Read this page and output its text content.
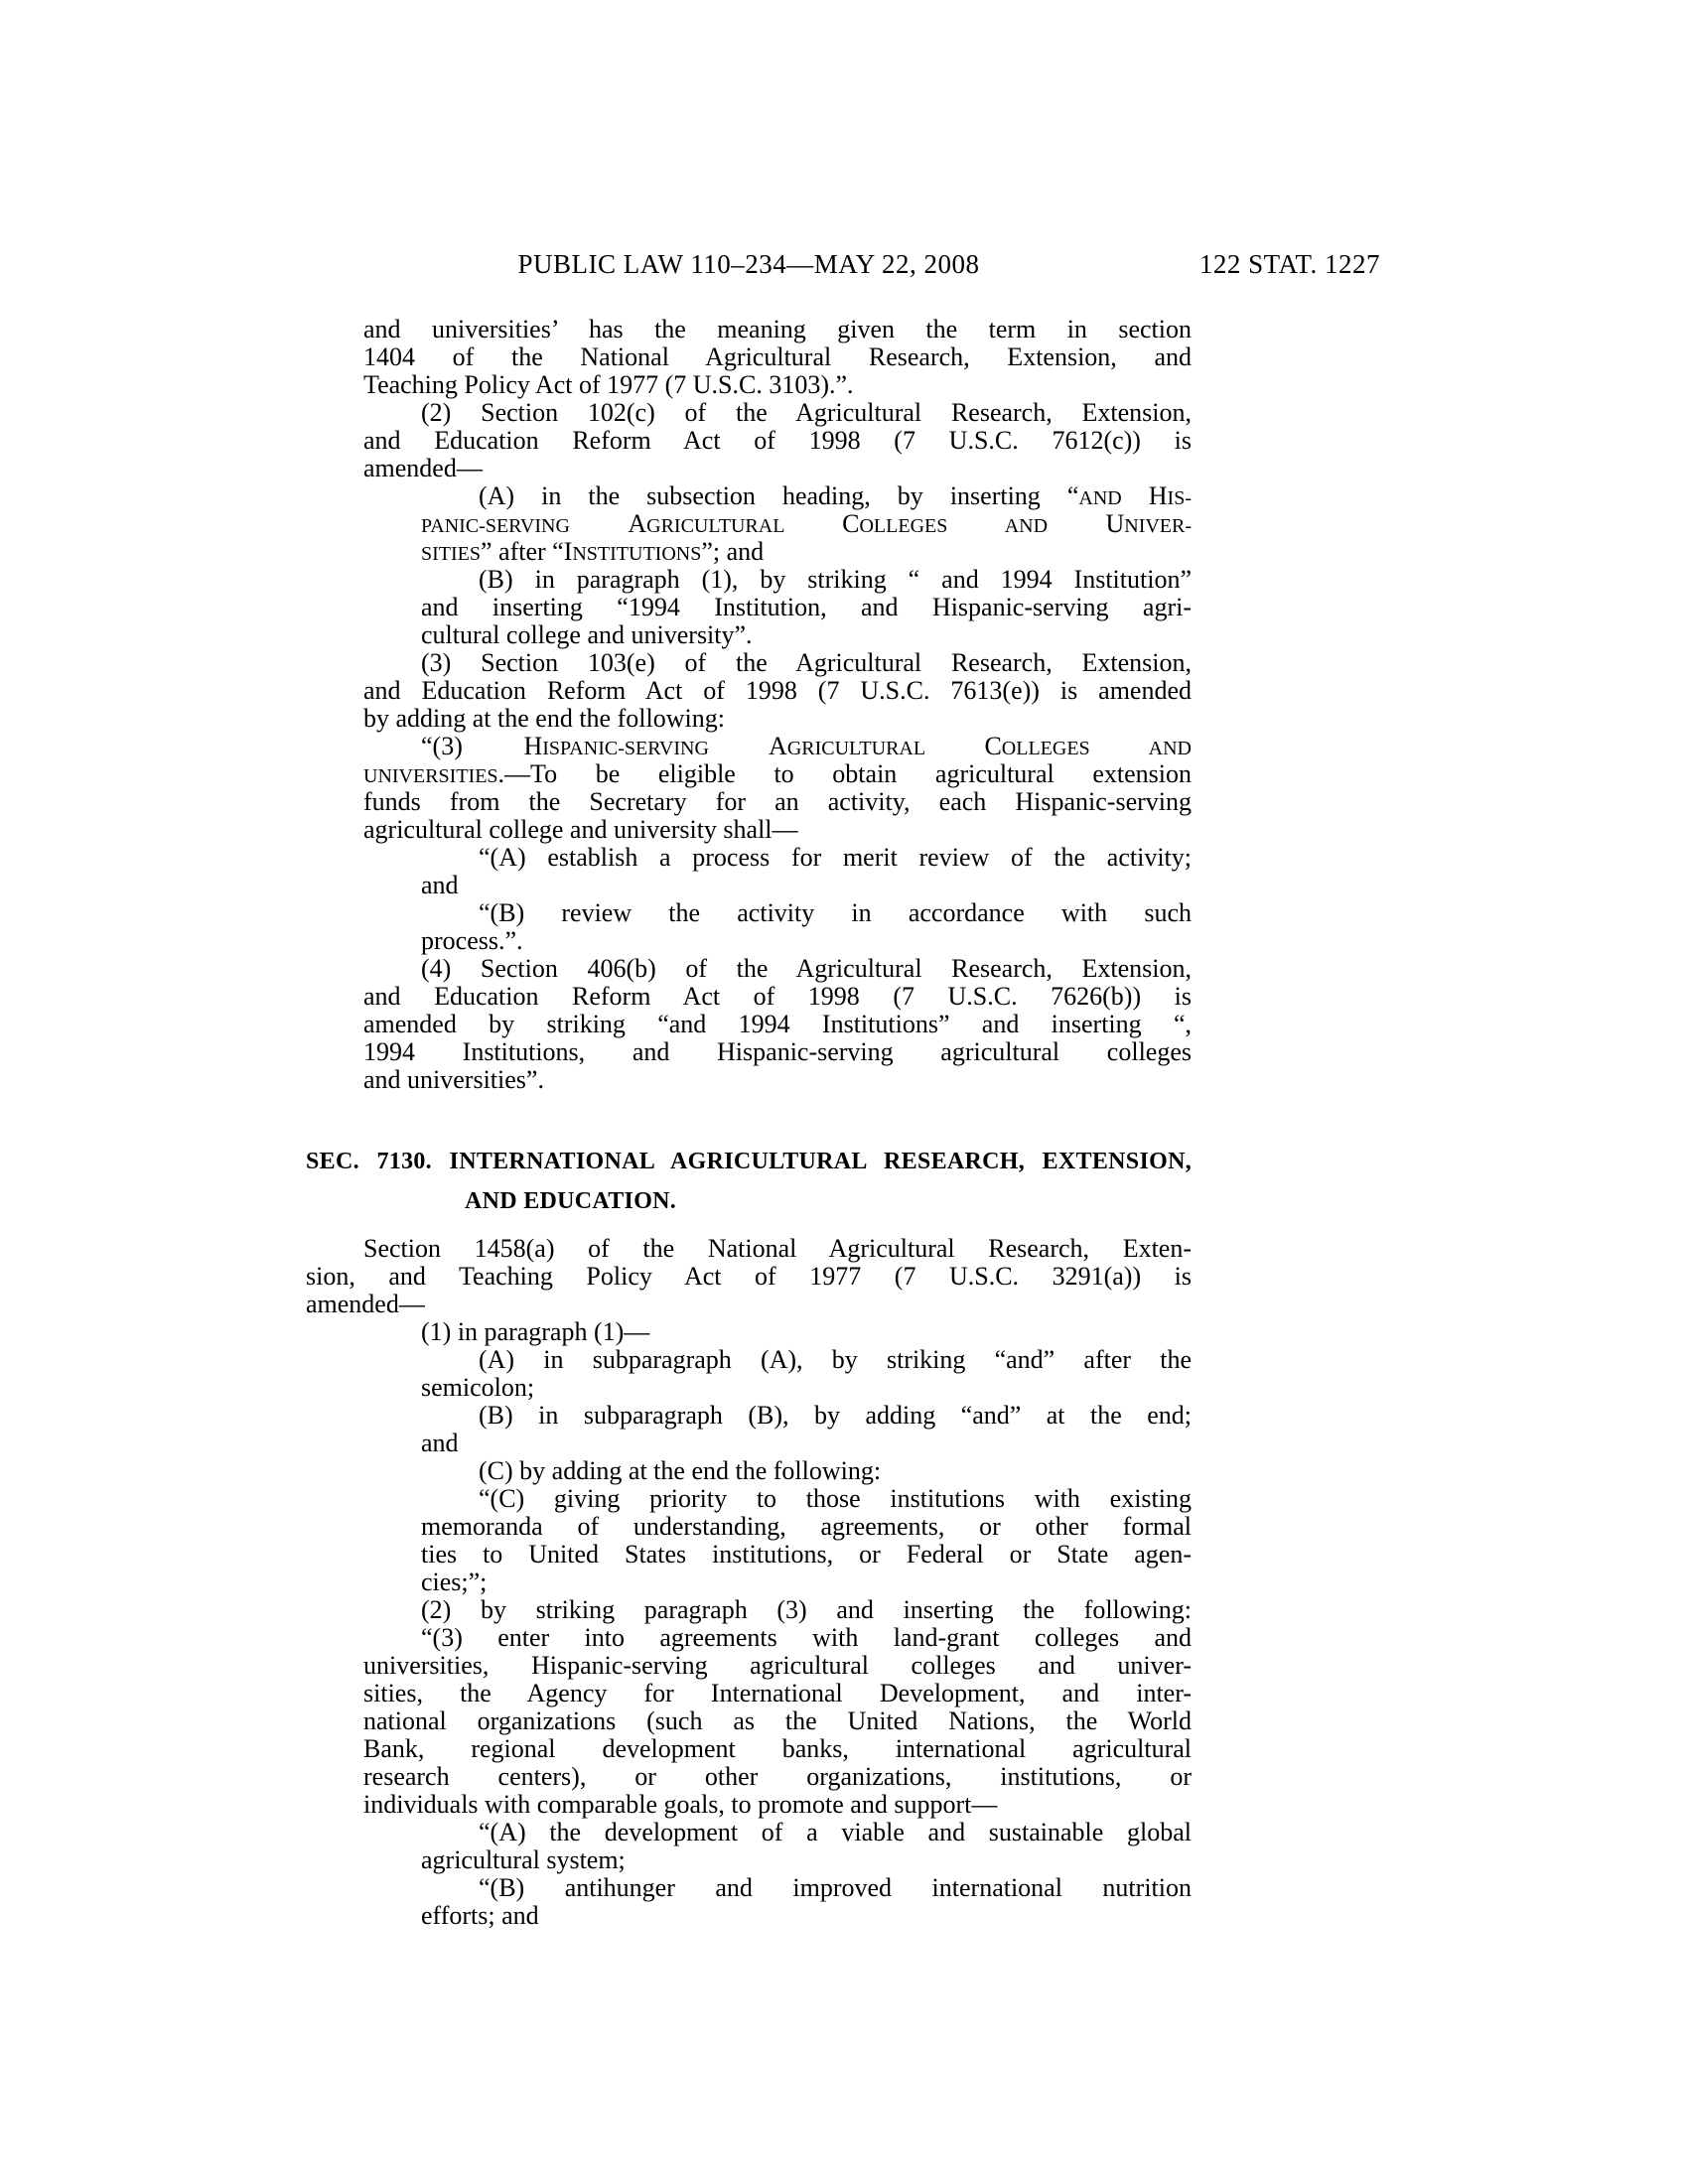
PUBLIC LAW 110–234—MAY 22, 2008	122 STAT. 1227
and universities’ has the meaning given the term in section
1404 of the National Agricultural Research, Extension, and
Teaching Policy Act of 1977 (7 U.S.C. 3103).”.
(2) Section 102(c) of the Agricultural Research, Extension,
and Education Reform Act of 1998 (7 U.S.C. 7612(c)) is
amended—
(A) in the subsection heading, by inserting “AND HIS-
PANIC-SERVING AGRICULTURAL COLLEGES AND UNIVER-
SITIES” after “INSTITUTIONS”; and
(B) in paragraph (1), by striking “ and 1994 Institution”
and inserting “1994 Institution, and Hispanic-serving agri-
cultural college and university”.
(3) Section 103(e) of the Agricultural Research, Extension,
and Education Reform Act of 1998 (7 U.S.C. 7613(e)) is amended
by adding at the end the following:
“(3) HISPANIC-SERVING AGRICULTURAL COLLEGES AND
UNIVERSITIES.—To be eligible to obtain agricultural extension
funds from the Secretary for an activity, each Hispanic-serving
agricultural college and university shall—
“(A) establish a process for merit review of the activity;
and
“(B) review the activity in accordance with such
process.”.
(4) Section 406(b) of the Agricultural Research, Extension,
and Education Reform Act of 1998 (7 U.S.C. 7626(b)) is
amended by striking “and 1994 Institutions” and inserting “,
1994 Institutions, and Hispanic-serving agricultural colleges
and universities”.
SEC. 7130. INTERNATIONAL AGRICULTURAL RESEARCH, EXTENSION,
AND EDUCATION.
Section 1458(a) of the National Agricultural Research, Exten-
sion, and Teaching Policy Act of 1977 (7 U.S.C. 3291(a)) is
amended—
(1) in paragraph (1)—
(A) in subparagraph (A), by striking “and” after the
semicolon;
(B) in subparagraph (B), by adding “and” at the end;
and
(C) by adding at the end the following:
“(C) giving priority to those institutions with existing
memoranda of understanding, agreements, or other formal
ties to United States institutions, or Federal or State agen-
cies;”;
(2) by striking paragraph (3) and inserting the following:
“(3) enter into agreements with land-grant colleges and
universities, Hispanic-serving agricultural colleges and univer-
sities, the Agency for International Development, and inter-
national organizations (such as the United Nations, the World
Bank, regional development banks, international agricultural
research centers), or other organizations, institutions, or
individuals with comparable goals, to promote and support—
“(A) the development of a viable and sustainable global
agricultural system;
“(B) antihunger and improved international nutrition
efforts; and
